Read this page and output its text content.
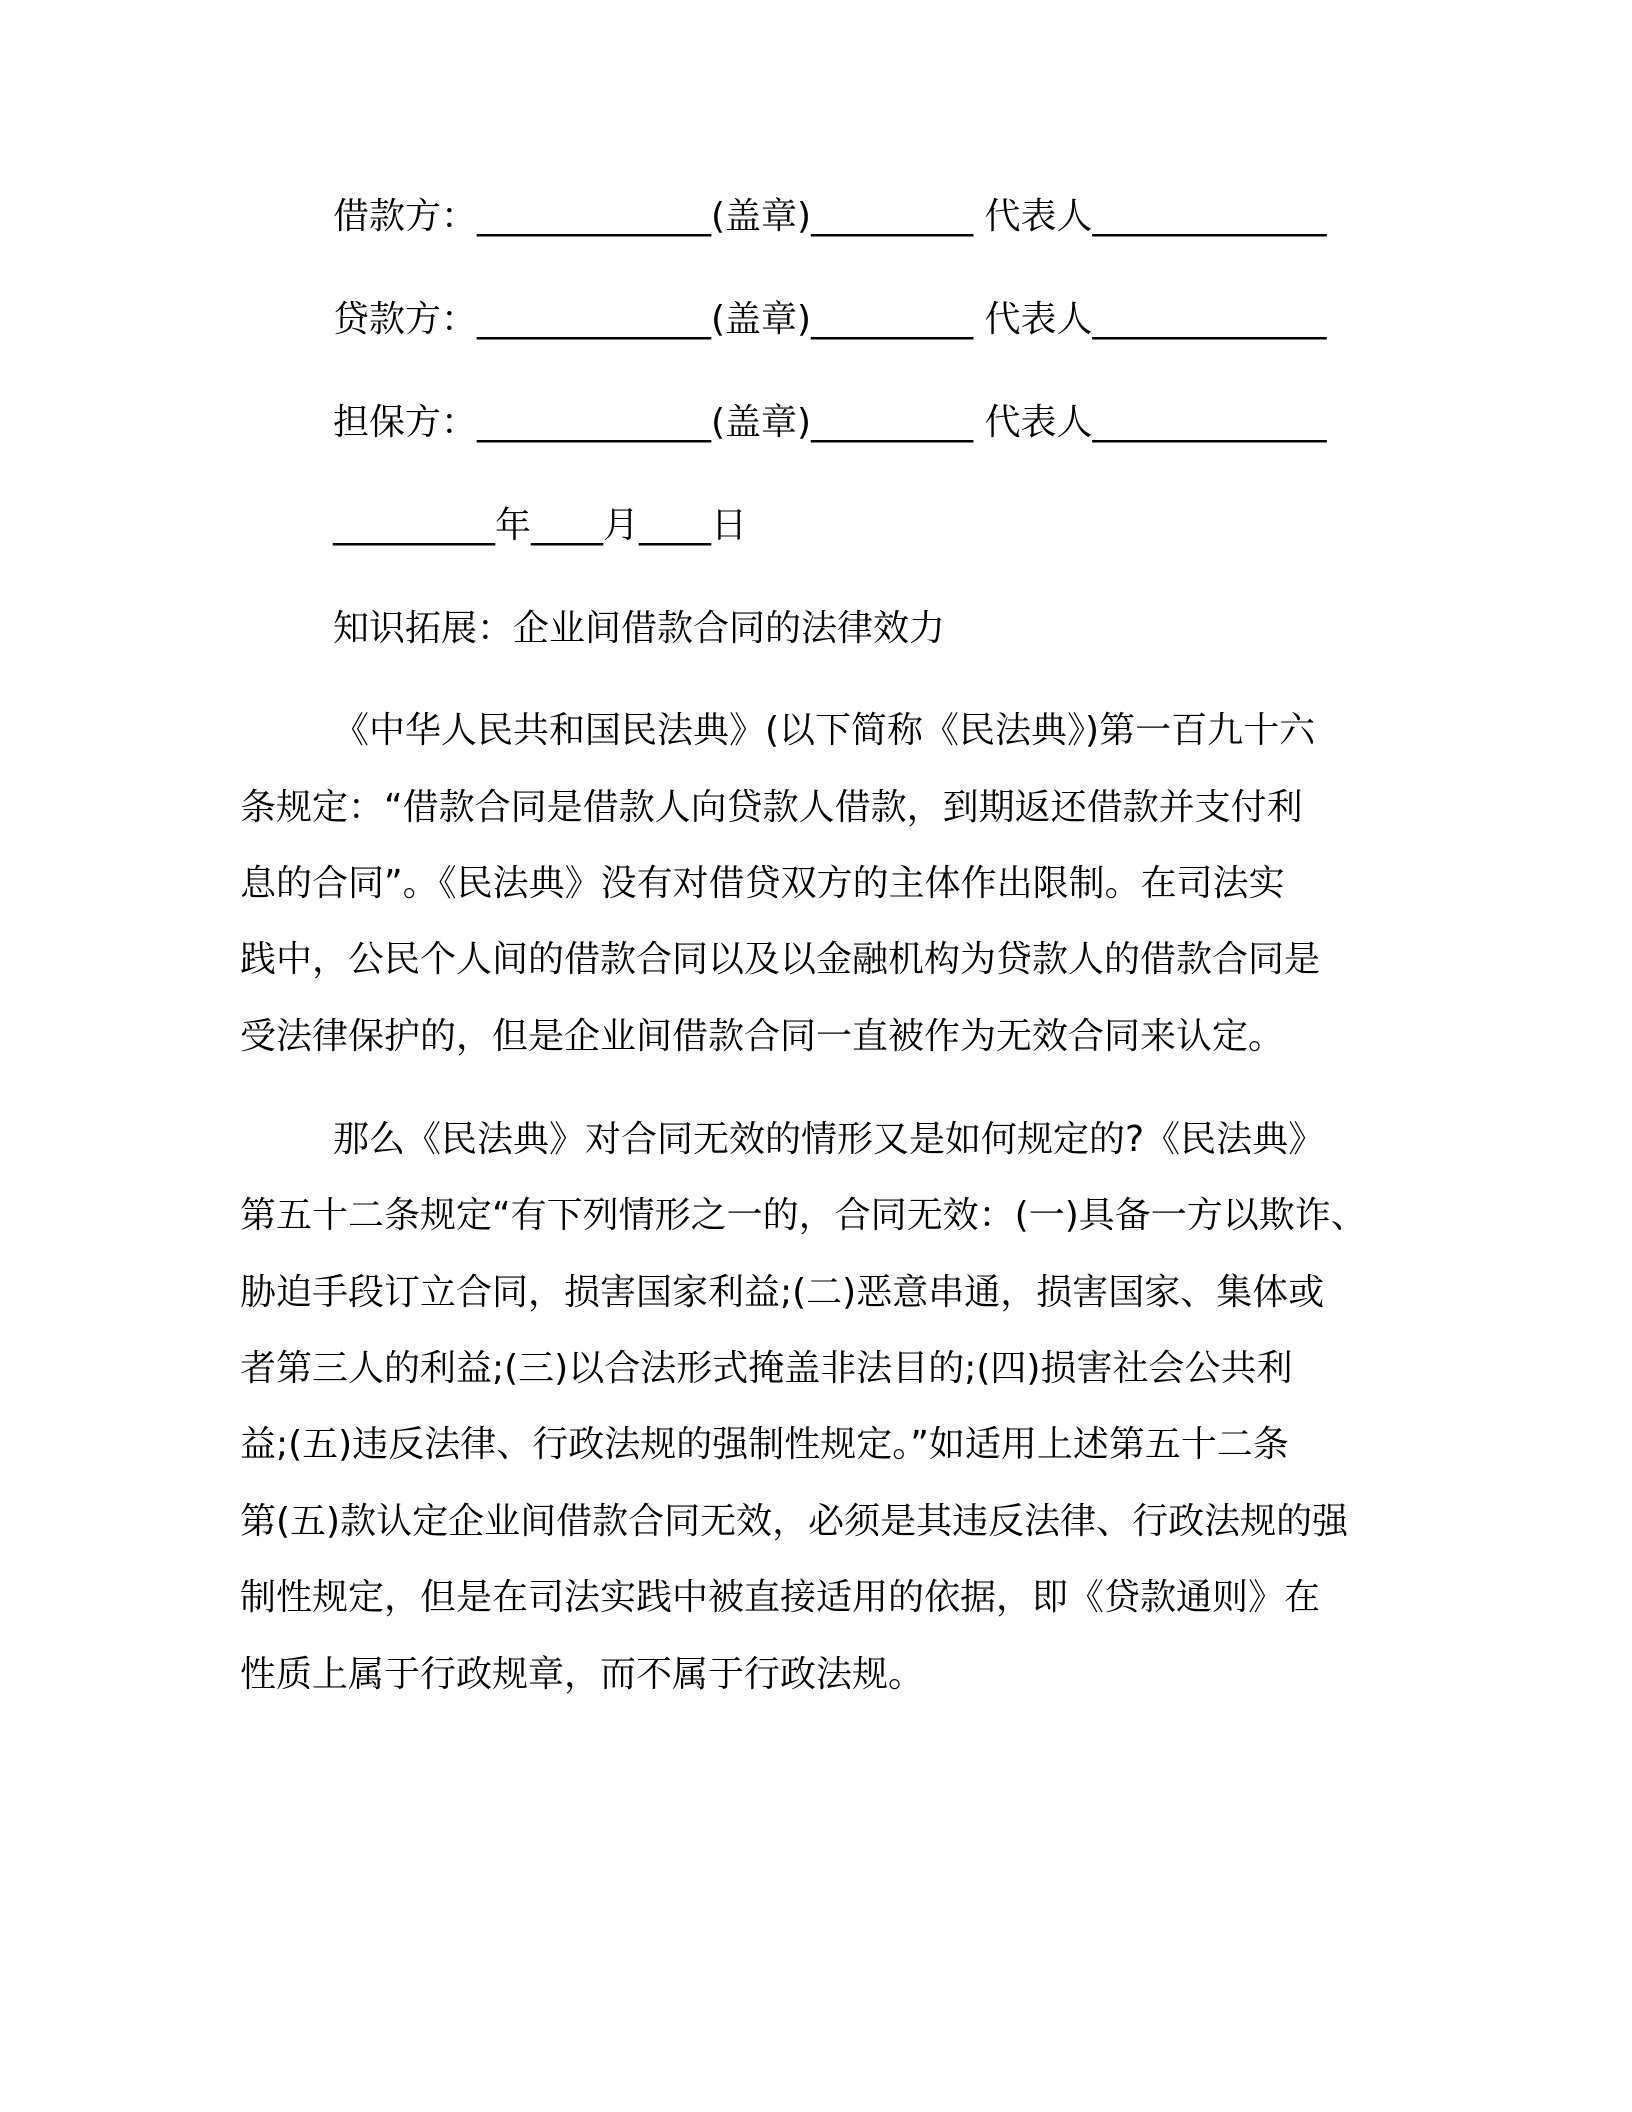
借款方：_____________(盖章)_________ 代表人_____________
贷款方：_____________(盖章)_________ 代表人_____________
担保方：_____________(盖章)_________ 代表人_____________
_________年____月____日
知识拓展：企业间借款合同的法律效力
《中华人民共和国民法典》(以下简称《民法典》)第一百九十六
条规定：“借款合同是借款人向贷款人借款，到期返还借款并支付利
息的合同”。《民法典》没有对借贷双方的主体作出限制。在司法实
践中，公民个人间的借款合同以及以金融机构为贷款人的借款合同是
受法律保护的，但是企业间借款合同一直被作为无效合同来认定。
那么《民法典》对合同无效的情形又是如何规定的?《民法典》
第五十二条规定“有下列情形之一的，合同无效：(一)具备一方以欺诈、
胁迫手段订立合同，损害国家利益;(二)恶意串通，损害国家、集体或
者第三人的利益;(三)以合法形式掩盖非法目的;(四)损害社会公共利
益;(五)违反法律、行政法规的强制性规定。”如适用上述第五十二条
第(五)款认定企业间借款合同无效，必须是其违反法律、行政法规的强
制性规定，但是在司法实践中被直接适用的依据，即《贷款通则》在
性质上属于行政规章，而不属于行政法规。
